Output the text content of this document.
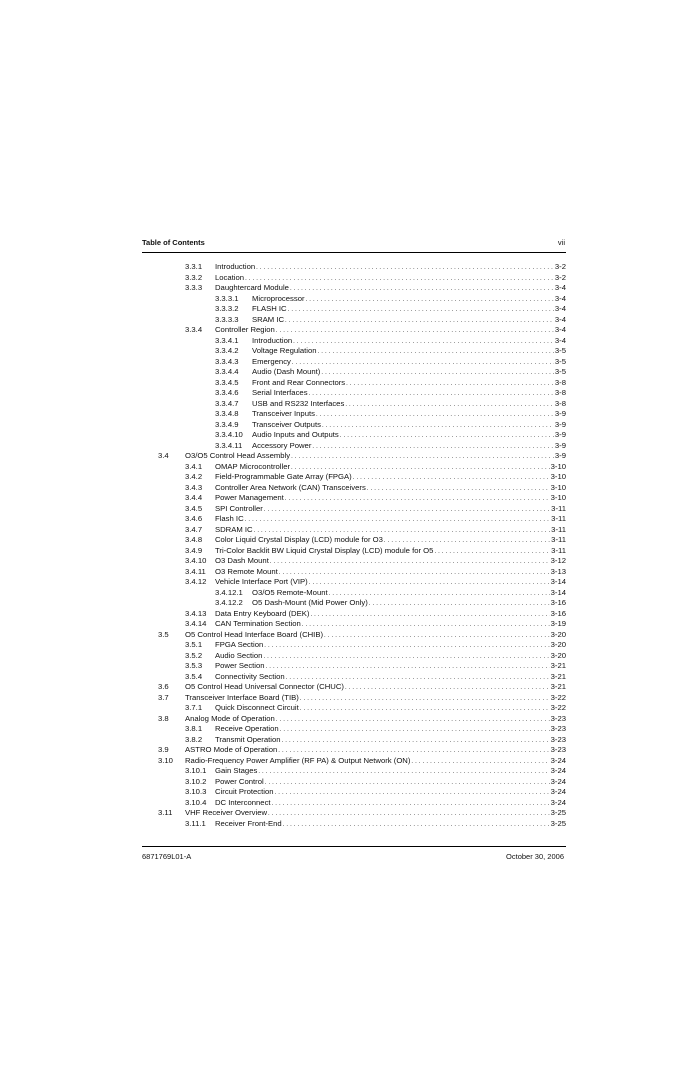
Table of Contents	vii
3.3.1 Introduction . . .	3-2
3.3.2 Location . . .	3-2
3.3.3 Daughtercard Module . . .	3-4
3.3.3.1 Microprocessor . . .	3-4
3.3.3.2 FLASH IC . . .	3-4
3.3.3.3 SRAM IC . . .	3-4
3.3.4 Controller Region . . .	3-4
3.3.4.1 Introduction . . .	3-4
3.3.4.2 Voltage Regulation . . .	3-5
3.3.4.3 Emergency . . .	3-5
3.3.4.4 Audio (Dash Mount) . . .	3-5
3.3.4.5 Front and Rear Connectors . . .	3-8
3.3.4.6 Serial Interfaces . . .	3-8
3.3.4.7 USB and RS232 Interfaces . . .	3-8
3.3.4.8 Transceiver Inputs . . .	3-9
3.3.4.9 Transceiver Outputs . . .	3-9
3.3.4.10 Audio Inputs and Outputs . . .	3-9
3.3.4.11 Accessory Power . . .	3-9
3.4 O3/O5 Control Head Assembly . . .	3-9
3.4.1 OMAP Microcontroller . . .	3-10
3.4.2 Field-Programmable Gate Array (FPGA) . . .	3-10
3.4.3 Controller Area Network (CAN) Transceivers . . .	3-10
3.4.4 Power Management . . .	3-10
3.4.5 SPI Controller . . .	3-11
3.4.6 Flash IC . . .	3-11
3.4.7 SDRAM IC . . .	3-11
3.4.8 Color Liquid Crystal Display (LCD) module for O3 . . .	3-11
3.4.9 Tri-Color Backlit BW Liquid Crystal Display (LCD) module for O5 . . .	3-11
3.4.10 O3 Dash Mount . . .	3-12
3.4.11 O3 Remote Mount . . .	3-13
3.4.12 Vehicle Interface Port (VIP) . . .	3-14
3.4.12.1 O3/O5 Remote-Mount . . .	3-14
3.4.12.2 O5 Dash-Mount (Mid Power Only) . . .	3-16
3.4.13 Data Entry Keyboard (DEK) . . .	3-16
3.4.14 CAN Termination Section . . .	3-19
3.5 O5 Control Head Interface Board (CHIB) . . .	3-20
3.5.1 FPGA Section . . .	3-20
3.5.2 Audio Section . . .	3-20
3.5.3 Power Section . . .	3-21
3.5.4 Connectivity Section . . .	3-21
3.6 O5 Control Head Universal Connector (CHUC) . . .	3-21
3.7 Transceiver Interface Board (TIB) . . .	3-22
3.7.1 Quick Disconnect Circuit . . .	3-22
3.8 Analog Mode of Operation . . .	3-23
3.8.1 Receive Operation . . .	3-23
3.8.2 Transmit Operation . . .	3-23
3.9 ASTRO Mode of Operation . . .	3-23
3.10 Radio-Frequency Power Amplifier (RF PA) & Output Network (ON) . . .	3-24
3.10.1 Gain Stages . . .	3-24
3.10.2 Power Control . . .	3-24
3.10.3 Circuit Protection . . .	3-24
3.10.4 DC Interconnect . . .	3-24
3.11 VHF Receiver Overview . . .	3-25
3.11.1 Receiver Front-End . . .	3-25
6871769L01-A	October 30, 2006
